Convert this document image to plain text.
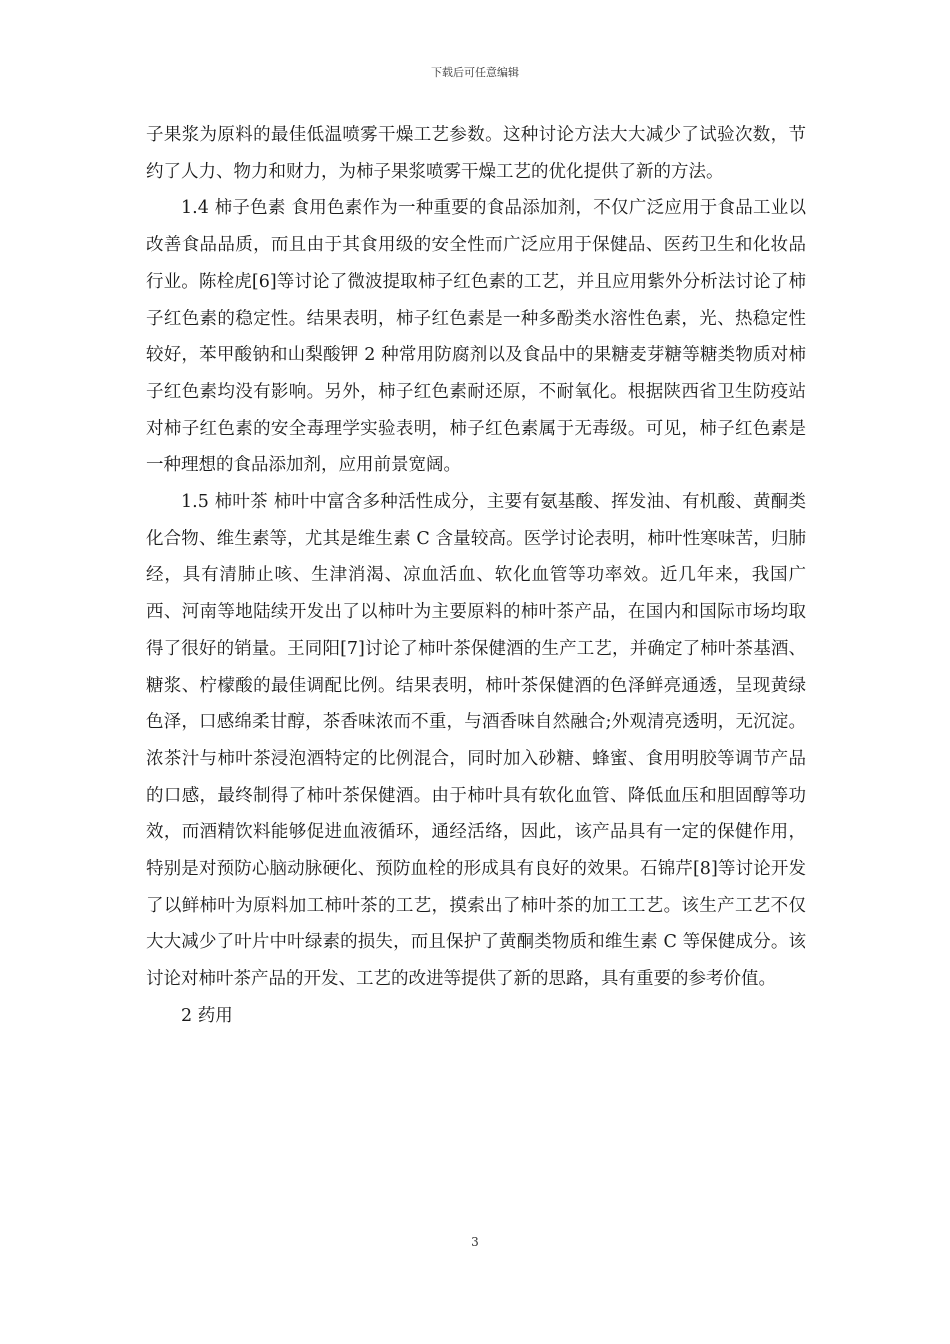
下载后可任意编辑

子果浆为原料的最佳低温喷雾干燥工艺参数。这种讨论方法大大减少了试验次数，节约了人力、物力和财力，为柿子果浆喷雾干燥工艺的优化提供了新的方法。

1.4 柿子色素 食用色素作为一种重要的食品添加剂，不仅广泛应用于食品工业以改善食品品质，而且由于其食用级的安全性而广泛应用于保健品、医药卫生和化妆品行业。陈栓虎[6]等讨论了微波提取柿子红色素的工艺，并且应用紫外分析法讨论了柿子红色素的稳定性。结果表明，柿子红色素是一种多酚类水溶性色素，光、热稳定性较好，苯甲酸钠和山梨酸钾 2 种常用防腐剂以及食品中的果糖麦芽糖等糖类物质对柿子红色素均没有影响。另外，柿子红色素耐还原，不耐氧化。根据陕西省卫生防疫站对柿子红色素的安全毒理学实验表明，柿子红色素属于无毒级。可见，柿子红色素是一种理想的食品添加剂，应用前景宽阔。

1.5 柿叶茶 柿叶中富含多种活性成分，主要有氨基酸、挥发油、有机酸、黄酮类化合物、维生素等，尤其是维生素 C 含量较高。医学讨论表明，柿叶性寒味苦，归肺经，具有清肺止咳、生津消渴、凉血活血、软化血管等功率效。近几年来，我国广西、河南等地陆续开发出了以柿叶为主要原料的柿叶茶产品，在国内和国际市场均取得了很好的销量。王同阳[7]讨论了柿叶茶保健酒的生产工艺，并确定了柿叶茶基酒、糖浆、柠檬酸的最佳调配比例。结果表明，柿叶茶保健酒的色泽鲜亮通透，呈现黄绿色泽，口感绵柔甘醇，茶香味浓而不重，与酒香味自然融合;外观清亮透明，无沉淀。浓茶汁与柿叶茶浸泡酒特定的比例混合，同时加入砂糖、蜂蜜、食用明胶等调节产品的口感，最终制得了柿叶茶保健酒。由于柿叶具有软化血管、降低血压和胆固醇等功效，而酒精饮料能够促进血液循环，通经活络，因此，该产品具有一定的保健作用，特别是对预防心脑动脉硬化、预防血栓的形成具有良好的效果。石锦芹[8]等讨论开发了以鲜柿叶为原料加工柿叶茶的工艺，摸索出了柿叶茶的加工工艺。该生产工艺不仅大大减少了叶片中叶绿素的损失，而且保护了黄酮类物质和维生素 C 等保健成分。该讨论对柿叶茶产品的开发、工艺的改进等提供了新的思路，具有重要的参考价值。

2 药用

3
